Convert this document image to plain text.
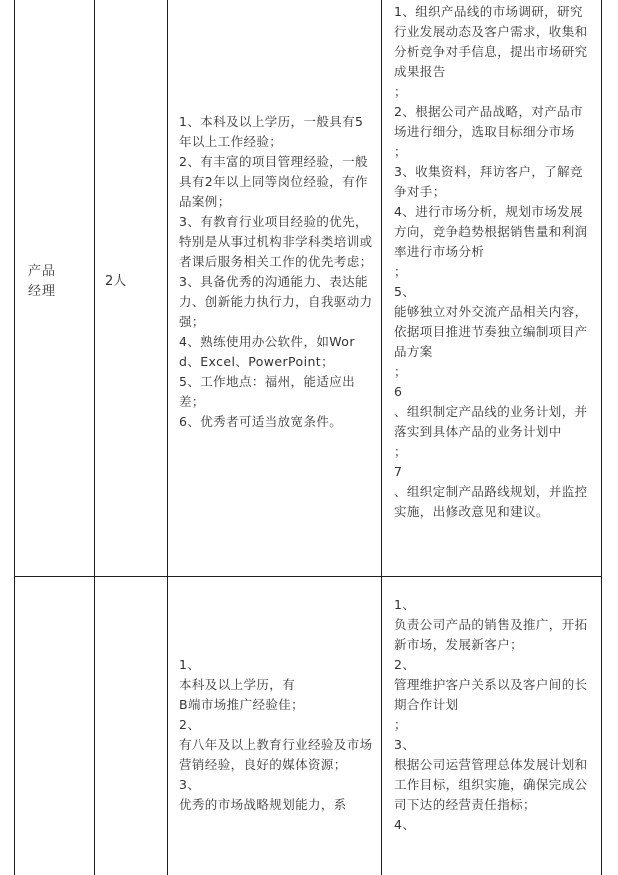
产品
经理
2人
1、本科及以上学历，一般具有5年以上工作经验；
2、有丰富的项目管理经验，一般具有2年以上同等岗位经验，有作品案例；
3、有教育行业项目经验的优先，特别是从事过机构非学科类培训或者课后服务相关工作的优先考虑；
3、具备优秀的沟通能力、表达能力、创新能力执行力，自我驱动力强；
4、熟练使用办公软件，如Word、Excel、PowerPoint；
5、工作地点：福州，能适应出差；
6、优秀者可适当放宽条件。
1、组织产品线的市场调研，研究行业发展动态及客户需求，收集和分析竞争对手信息，提出市场研究成果报告
；
2、根据公司产品战略，对产品市场进行细分，选取目标细分市场
；
3、收集资料，拜访客户，了解竞争对手；
4、进行市场分析，规划市场发展方向，竞争趋势根据销售量和利润率进行市场分析
；
5、
能够独立对外交流产品相关内容，
依据项目推进节奏独立编制项目产品方案
；
6
、组织制定产品线的业务计划，并落实到具体产品的业务计划中
；
7
、组织定制产品路线规划，并监控实施，出修改意见和建议。
1、
本科及以上学历，有
B端市场推广经验佳；
2、
有八年及以上教育行业经验及市场营销经验，良好的媒体资源；
3、
优秀的市场战略规划能力，系
1、
负责公司产品的销售及推广，开拓新市场，发展新客户；
2、
管理维护客户关系以及客户间的长期合作计划
；
3、
根据公司运营管理总体发展计划和工作目标，组织实施，确保完成公司下达的经营责任指标；
4、
